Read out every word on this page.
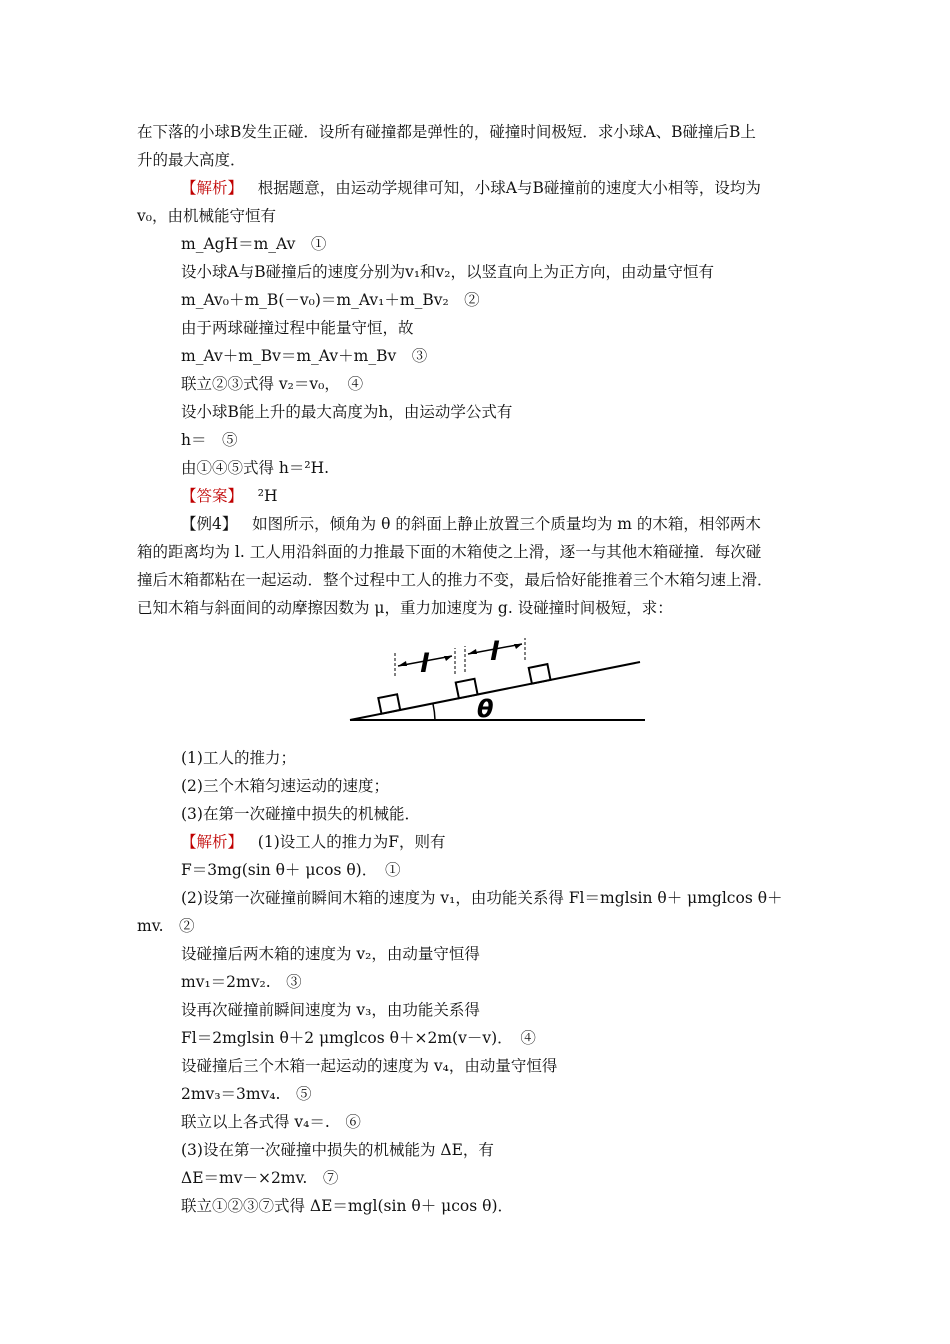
在下落的小球B发生正碰．设所有碰撞都是弹性的，碰撞时间极短．求小球A、B碰撞后B上
升的最大高度．
【解析】 根据题意，由运动学规律可知，小球A与B碰撞前的速度大小相等，设均为
v₀，由机械能守恒有
m_AgH＝m_Av　①
设小球A与B碰撞后的速度分别为v₁和v₂，以竖直向上为正方向，由动量守恒有
m_Av₀＋m_B(－v₀)＝m_Av₁＋m_Bv₂　②
由于两球碰撞过程中能量守恒，故
m_Av＋m_Bv＝m_Av＋m_Bv　③
联立②③式得 v₂＝v₀，　④
设小球B能上升的最大高度为h，由运动学公式有
h＝　⑤
由①④⑤式得 h＝²H.
【答案】 ²H
【例4】 如图所示，倾角为 θ 的斜面上静止放置三个质量均为 m 的木箱，相邻两木
箱的距离均为 l. 工人用沿斜面的力推最下面的木箱使之上滑，逐一与其他木箱碰撞．每次碰
撞后木箱都粘在一起运动．整个过程中工人的推力不变，最后恰好能推着三个木箱匀速上滑．
已知木箱与斜面间的动摩擦因数为 μ，重力加速度为 g. 设碰撞时间极短，求：
l l
θ
(1)工人的推力；
(2)三个木箱匀速运动的速度；
(3)在第一次碰撞中损失的机械能．
【解析】 (1)设工人的推力为F，则有
F＝3mg(sin θ＋ μcos θ)．　①
(2)设第一次碰撞前瞬间木箱的速度为 v₁，由功能关系得 Fl＝mglsin θ＋ μmglcos θ＋
mv.　②
设碰撞后两木箱的速度为 v₂，由动量守恒得
mv₁＝2mv₂.　③
设再次碰撞前瞬间速度为 v₃，由功能关系得
Fl＝2mglsin θ＋2 μmglcos θ＋×2m(v－v)．　④
设碰撞后三个木箱一起运动的速度为 v₄，由动量守恒得
2mv₃＝3mv₄.　⑤
联立以上各式得 v₄＝.　⑥
(3)设在第一次碰撞中损失的机械能为 ΔE，有
ΔE＝mv－×2mv.　⑦
联立①②③⑦式得 ΔE＝mgl(sin θ＋ μcos θ)．
